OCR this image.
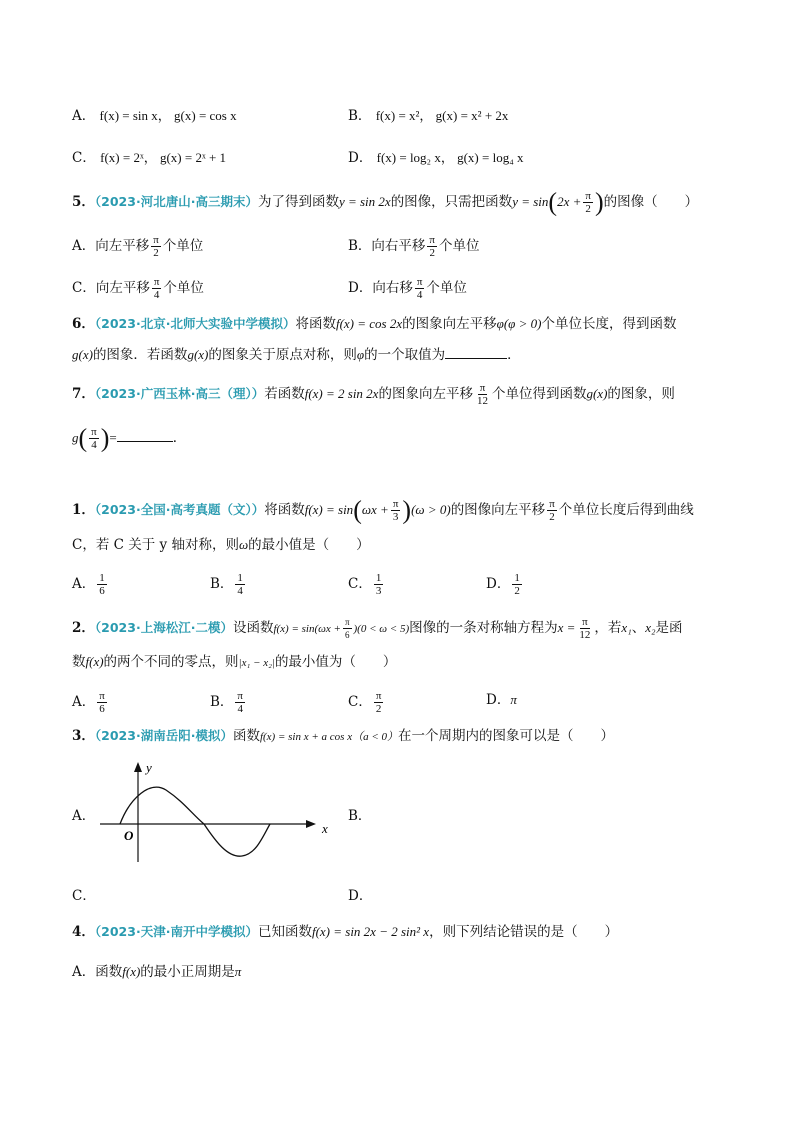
A． f(x) = sin x， g(x) = cos x	B． f(x) = x²， g(x) = x² + 2x
C． f(x) = 2ˣ， g(x) = 2ˣ + 1	D． f(x) = log₂ x， g(x) = log₄ x
5．（2023·河北唐山·高三期末）为了得到函数y = sin 2x的图像，只需把函数$y = \sin(2x + \frac{\pi}{2}$ )的图像（　　）
A．向左平移 $\frac{\pi}{2}$ 个单位	B．向右平移 $\frac{\pi}{2}$ 个单位
C．向左平移 $\frac{\pi}{4}$ 个单位	D．向右移 $\frac{\pi}{4}$ 个单位
6．（2023·北京·北师大实验中学模拟）将函数f(x) = cos 2x的图象向左平移φ(φ > 0)个单位长度，得到函数
g(x)的图象．若函数g(x)的图象关于原点对称，则φ的一个取值为	．
7．（2023·广西玉林·高三（理））若函数f(x) = 2 sin 2x的图象向左平移 $\frac{\pi}{12}$ 个单位得到函数g(x)的图象，则
$g( \frac{\pi}{4}$ )=	．
1．（2023·全国·高考真题（文））将函数$f(x) = \sin(\omega x + \frac{\pi}{3} )(\omega > 0)$的图像向左平移 $\frac{\pi}{2}$ 个单位长度后得到曲线
C，若 C 关于 y 轴对称，则ω的最小值是（　　）
A． $\frac{1}{6}$	B． $\frac{1}{4}$	C． $\frac{1}{3}$	D． $\frac{1}{2}$
2．（2023·上海松江·二模）设函数$f(x) = \sin(\omega x + \frac{\pi}{6} )(0 < \omega < 5)$图像的一条对称轴方程为$x = \frac{\pi}{12}$ ，若x₁、x₂是函
数f(x)的两个不同的零点，则|x₁ − x₂|的最小值为（　　）
A． $\frac{\pi}{6}$	B． $\frac{\pi}{4}$	C． $\frac{\pi}{2}$	D．π
3．（2023·湖南岳阳·模拟）函数f(x) = sin x + a cos x（a < 0）在一个周期内的图象可以是（　　）
A．
x
y
O
B．
C．	D．
4．（2023·天津·南开中学模拟）已知函数f(x) = sin 2x − 2 sin² x，则下列结论错误的是（　　）
A．函数f(x)的最小正周期是π
